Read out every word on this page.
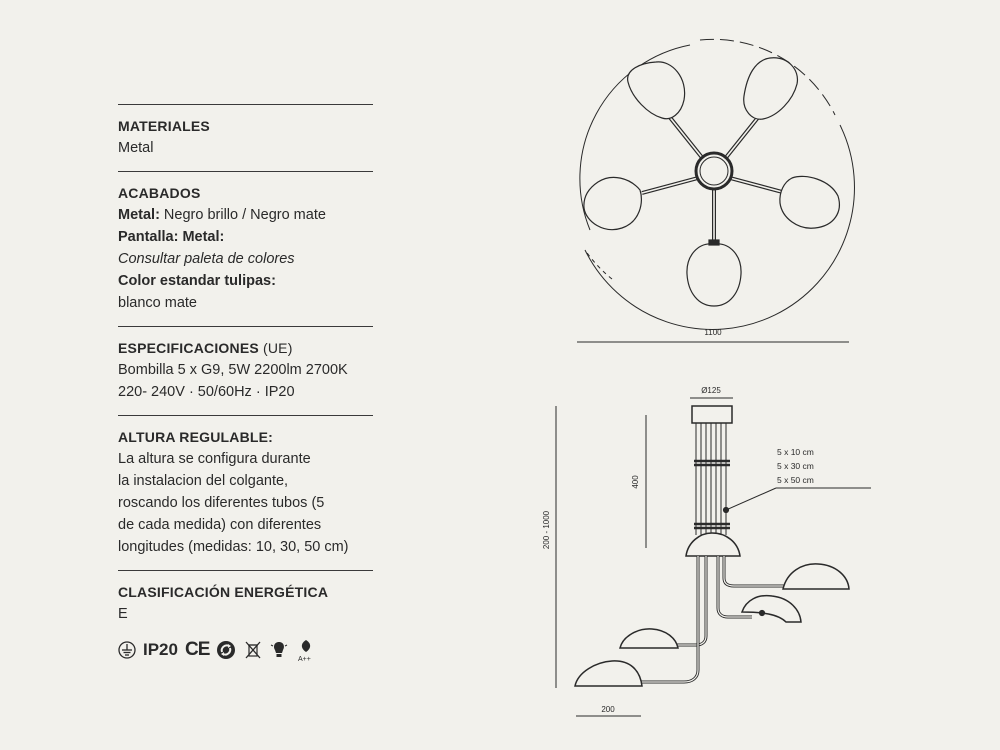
MATERIALES
Metal
ACABADOS
Metal: Negro brillo / Negro mate
Pantalla: Metal:
Consultar paleta de colores
Color estandar tulipas:
blanco mate
ESPECIFICACIONES (UE)
Bombilla 5 x G9, 5W 2200lm 2700K
220- 240V · 50/60Hz · IP20
ALTURA REGULABLE:
La altura se configura durante
la instalacion del colgante,
roscando los diferentes tubos (5
de cada medida) con diferentes
longitudes (medidas: 10, 30, 50 cm)
CLASIFICACIÓN ENERGÉTICA
E
IP20 CE	A++
1100
Ø125
5 x 10 cm
5 x 30 cm
5 x 50 cm
400
200 - 1000
200
